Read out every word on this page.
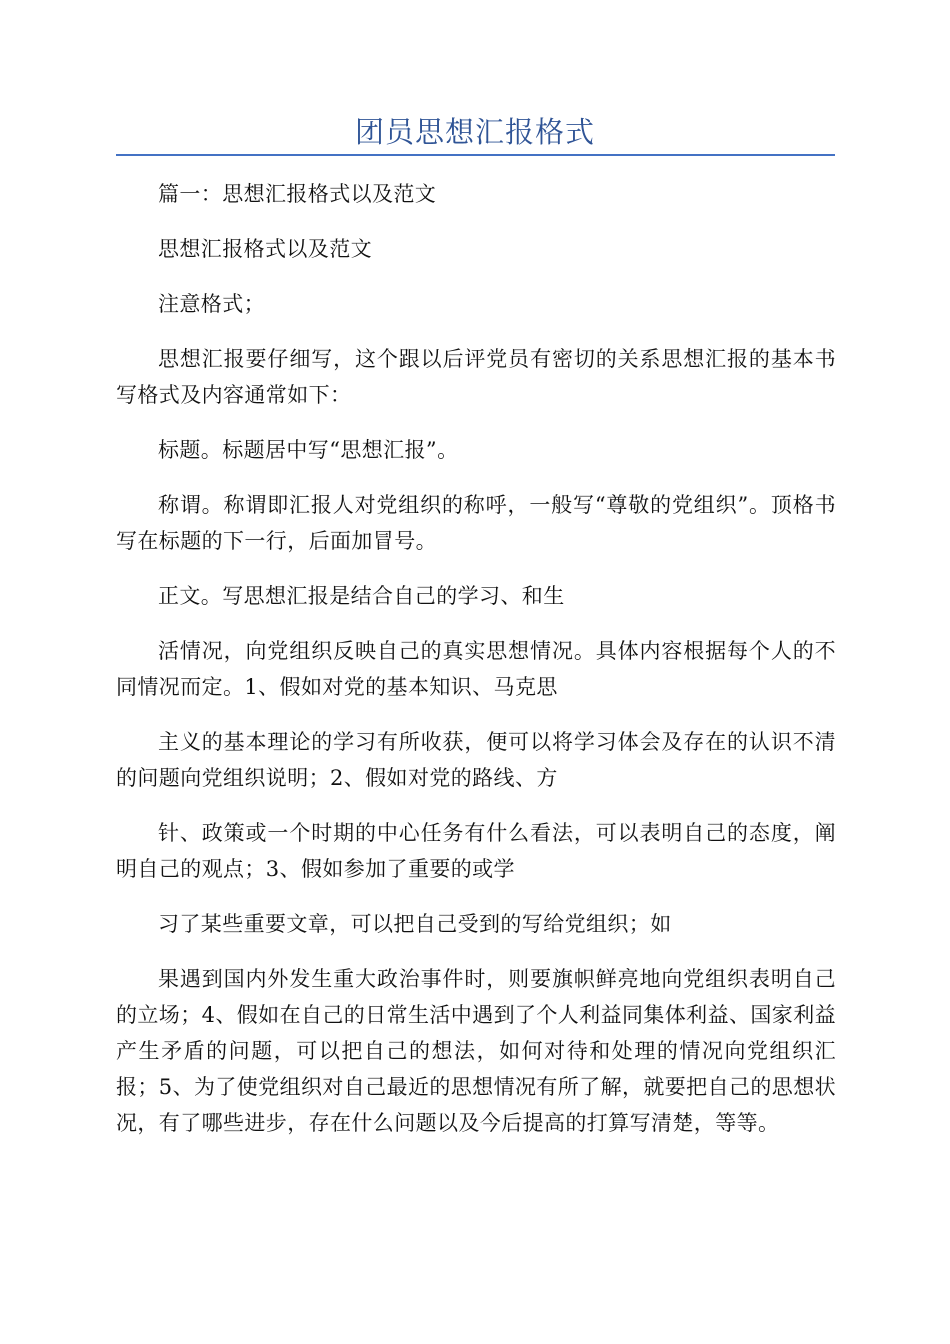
团员思想汇报格式

篇一：思想汇报格式以及范文

思想汇报格式以及范文

注意格式；

思想汇报要仔细写，这个跟以后评党员有密切的关系思想汇报的基本书写格式及内容通常如下：

标题。标题居中写“思想汇报”。

称谓。称谓即汇报人对党组织的称呼，一般写“尊敬的党组织”。顶格书写在标题的下一行，后面加冒号。

正文。写思想汇报是结合自己的学习、和生

活情况，向党组织反映自己的真实思想情况。具体内容根据每个人的不同情况而定。1、假如对党的基本知识、马克思

主义的基本理论的学习有所收获，便可以将学习体会及存在的认识不清的问题向党组织说明；2、假如对党的路线、方

针、政策或一个时期的中心任务有什么看法，可以表明自己的态度，阐明自己的观点；3、假如参加了重要的或学

习了某些重要文章，可以把自己受到的写给党组织；如

果遇到国内外发生重大政治事件时，则要旗帜鲜亮地向党组织表明自己的立场；4、假如在自己的日常生活中遇到了个人利益同集体利益、国家利益产生矛盾的问题，可以把自己的想法，如何对待和处理的情况向党组织汇报；5、为了使党组织对自己最近的思想情况有所了解，就要把自己的思想状况，有了哪些进步，存在什么问题以及今后提高的打算写清楚，等等。
